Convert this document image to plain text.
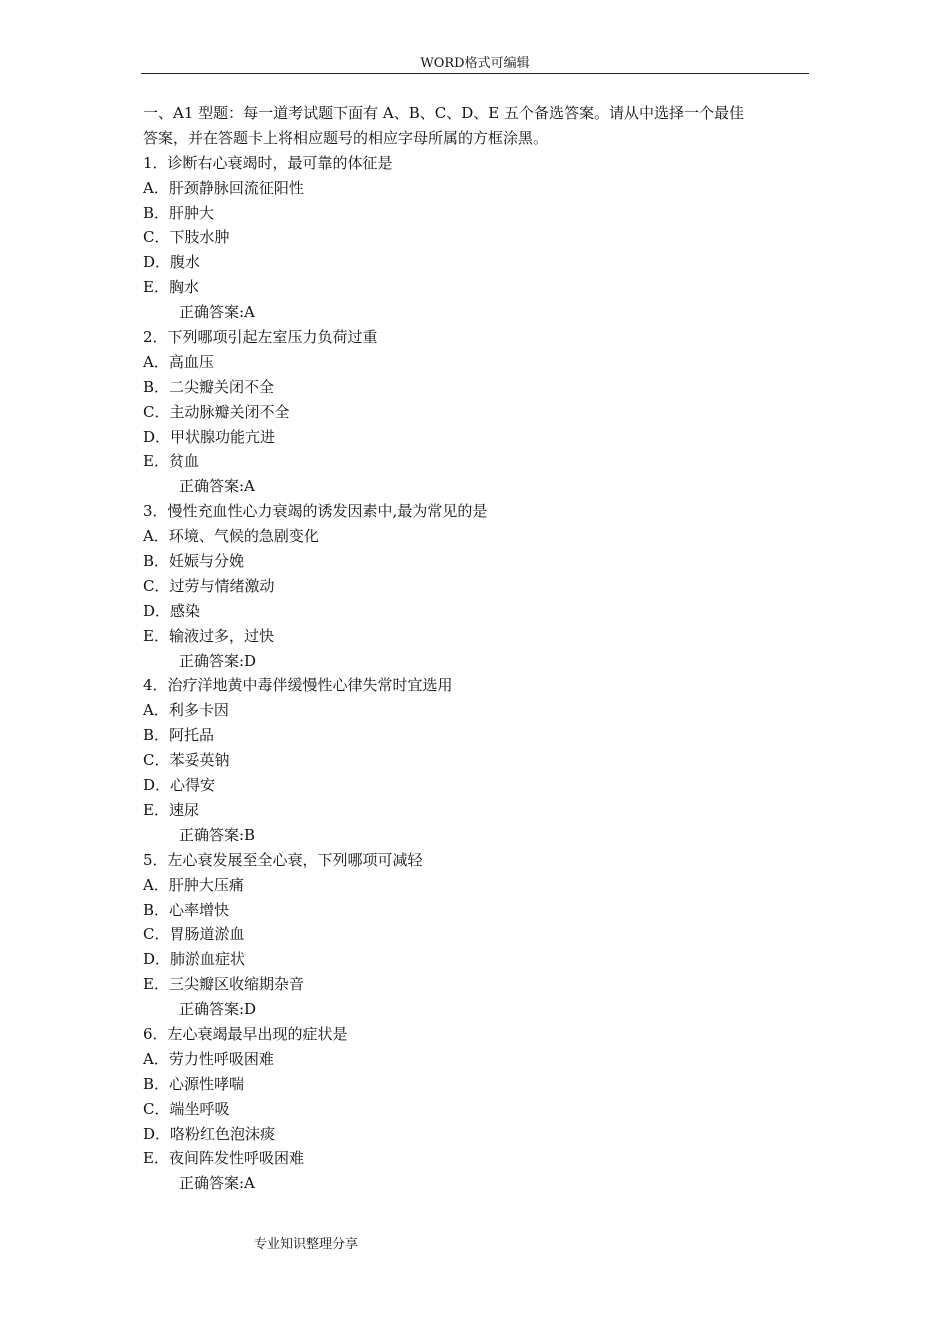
WORD格式可编辑
一、A1 型题：每一道考试题下面有 A、B、C、D、E 五个备选答案。请从中选择一个最佳
答案，并在答题卡上将相应题号的相应字母所属的方框涂黑。
1．诊断右心衰竭时，最可靠的体征是
A．肝颈静脉回流征阳性
B．肝肿大
C．下肢水肿
D．腹水
E．胸水
正确答案:A
2．下列哪项引起左室压力负荷过重
A．高血压
B．二尖瓣关闭不全
C．主动脉瓣关闭不全
D．甲状腺功能亢进
E．贫血
正确答案:A
3．慢性充血性心力衰竭的诱发因素中,最为常见的是
A．环境、气候的急剧变化
B．妊娠与分娩
C．过劳与情绪激动
D．感染
E．输液过多，过快
正确答案:D
4．治疗洋地黄中毒伴缓慢性心律失常时宜选用
A．利多卡因
B．阿托品
C．苯妥英钠
D．心得安
E．速尿
正确答案:B
5．左心衰发展至全心衰，下列哪项可减轻
A．肝肿大压痛
B．心率增快
C．胃肠道淤血
D．肺淤血症状
E．三尖瓣区收缩期杂音
正确答案:D
6．左心衰竭最早出现的症状是
A．劳力性呼吸困难
B．心源性哮喘
C．端坐呼吸
D．咯粉红色泡沫痰
E．夜间阵发性呼吸困难
正确答案:A
专业知识整理分享
